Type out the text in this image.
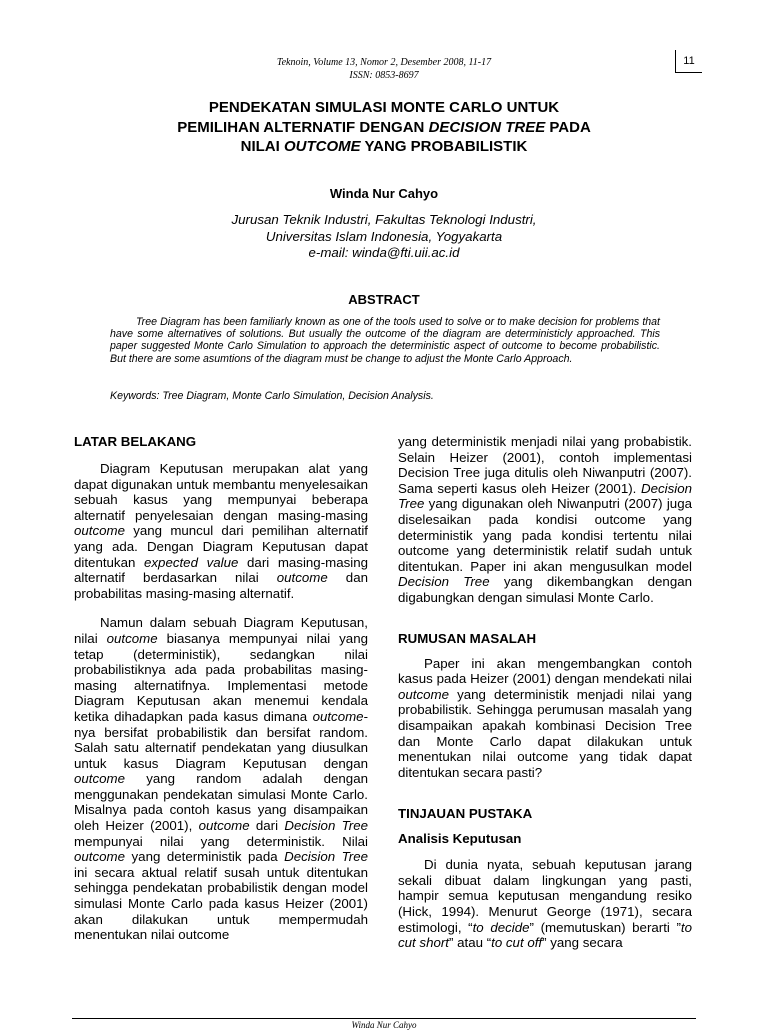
Teknoin, Volume 13, Nomor 2, Desember 2008, 11-17
ISSN: 0853-8697
11
PENDEKATAN SIMULASI MONTE CARLO UNTUK
PEMILIHAN ALTERNATIF DENGAN DECISION TREE PADA
NILAI OUTCOME YANG PROBABILISTIK
Winda Nur Cahyo
Jurusan Teknik Industri, Fakultas Teknologi Industri,
Universitas Islam Indonesia, Yogyakarta
e-mail: winda@fti.uii.ac.id
ABSTRACT

Tree Diagram has been familiarly known as one of the tools used to solve or to make decision for problems that have some alternatives of solutions. But usually the outcome of the diagram are deterministicly approached. This paper suggested Monte Carlo Simulation to approach the deterministic aspect of outcome to become probabilistic. But there are some asumtions of the diagram must be change to adjust the Monte Carlo Approach.

Keywords: Tree Diagram, Monte Carlo Simulation, Decision Analysis.

LATAR BELAKANG

Diagram Keputusan merupakan alat yang dapat digunakan untuk membantu menyelesaikan sebuah kasus yang mempunyai beberapa alternatif penyelesaian dengan masing-masing outcome yang muncul dari pemilihan alternatif yang ada. Dengan Diagram Keputusan dapat ditentukan expected value dari masing-masing alternatif berdasarkan nilai outcome dan probabilitas masing-masing alternatif.

Namun dalam sebuah Diagram Keputusan, nilai outcome biasanya mempunyai nilai yang tetap (deterministik), sedangkan nilai probabilistiknya ada pada probabilitas masing-masing alternatifnya. Implementasi metode Diagram Keputusan akan menemui kendala ketika dihadapkan pada kasus dimana outcome-nya bersifat probabilistik dan bersifat random. Salah satu alternatif pendekatan yang diusulkan untuk kasus Diagram Keputusan dengan outcome yang random adalah dengan menggunakan pendekatan simulasi Monte Carlo. Misalnya pada contoh kasus yang disampaikan oleh Heizer (2001), outcome dari Decision Tree mempunyai nilai yang deterministik. Nilai outcome yang deterministik pada Decision Tree ini secara aktual relatif susah untuk ditentukan sehingga pendekatan probabilistik dengan model simulasi Monte Carlo pada kasus Heizer (2001) akan dilakukan untuk mempermudah menentukan nilai outcome

yang deterministik menjadi nilai yang probabistik. Selain Heizer (2001), contoh implementasi Decision Tree juga ditulis oleh Niwanputri (2007). Sama seperti kasus oleh Heizer (2001). Decision Tree yang digunakan oleh Niwanputri (2007) juga diselesaikan pada kondisi outcome yang deterministik yang pada kondisi tertentu nilai outcome yang deterministik relatif sudah untuk ditentukan. Paper ini akan mengusulkan model Decision Tree yang dikembangkan dengan digabungkan dengan simulasi Monte Carlo.

RUMUSAN MASALAH

Paper ini akan mengembangkan contoh kasus pada Heizer (2001) dengan mendekati nilai outcome yang deterministik menjadi nilai yang probabilistik. Sehingga perumusan masalah yang disampaikan apakah kombinasi Decision Tree dan Monte Carlo dapat dilakukan untuk menentukan nilai outcome yang tidak dapat ditentukan secara pasti?

TINJAUAN PUSTAKA
Analisis Keputusan

Di dunia nyata, sebuah keputusan jarang sekali dibuat dalam lingkungan yang pasti, hampir semua keputusan mengandung resiko (Hick, 1994). Menurut George (1971), secara estimologi, “to decide” (memutuskan) berarti ”to cut short” atau “to cut off” yang secara

Winda Nur Cahyo
